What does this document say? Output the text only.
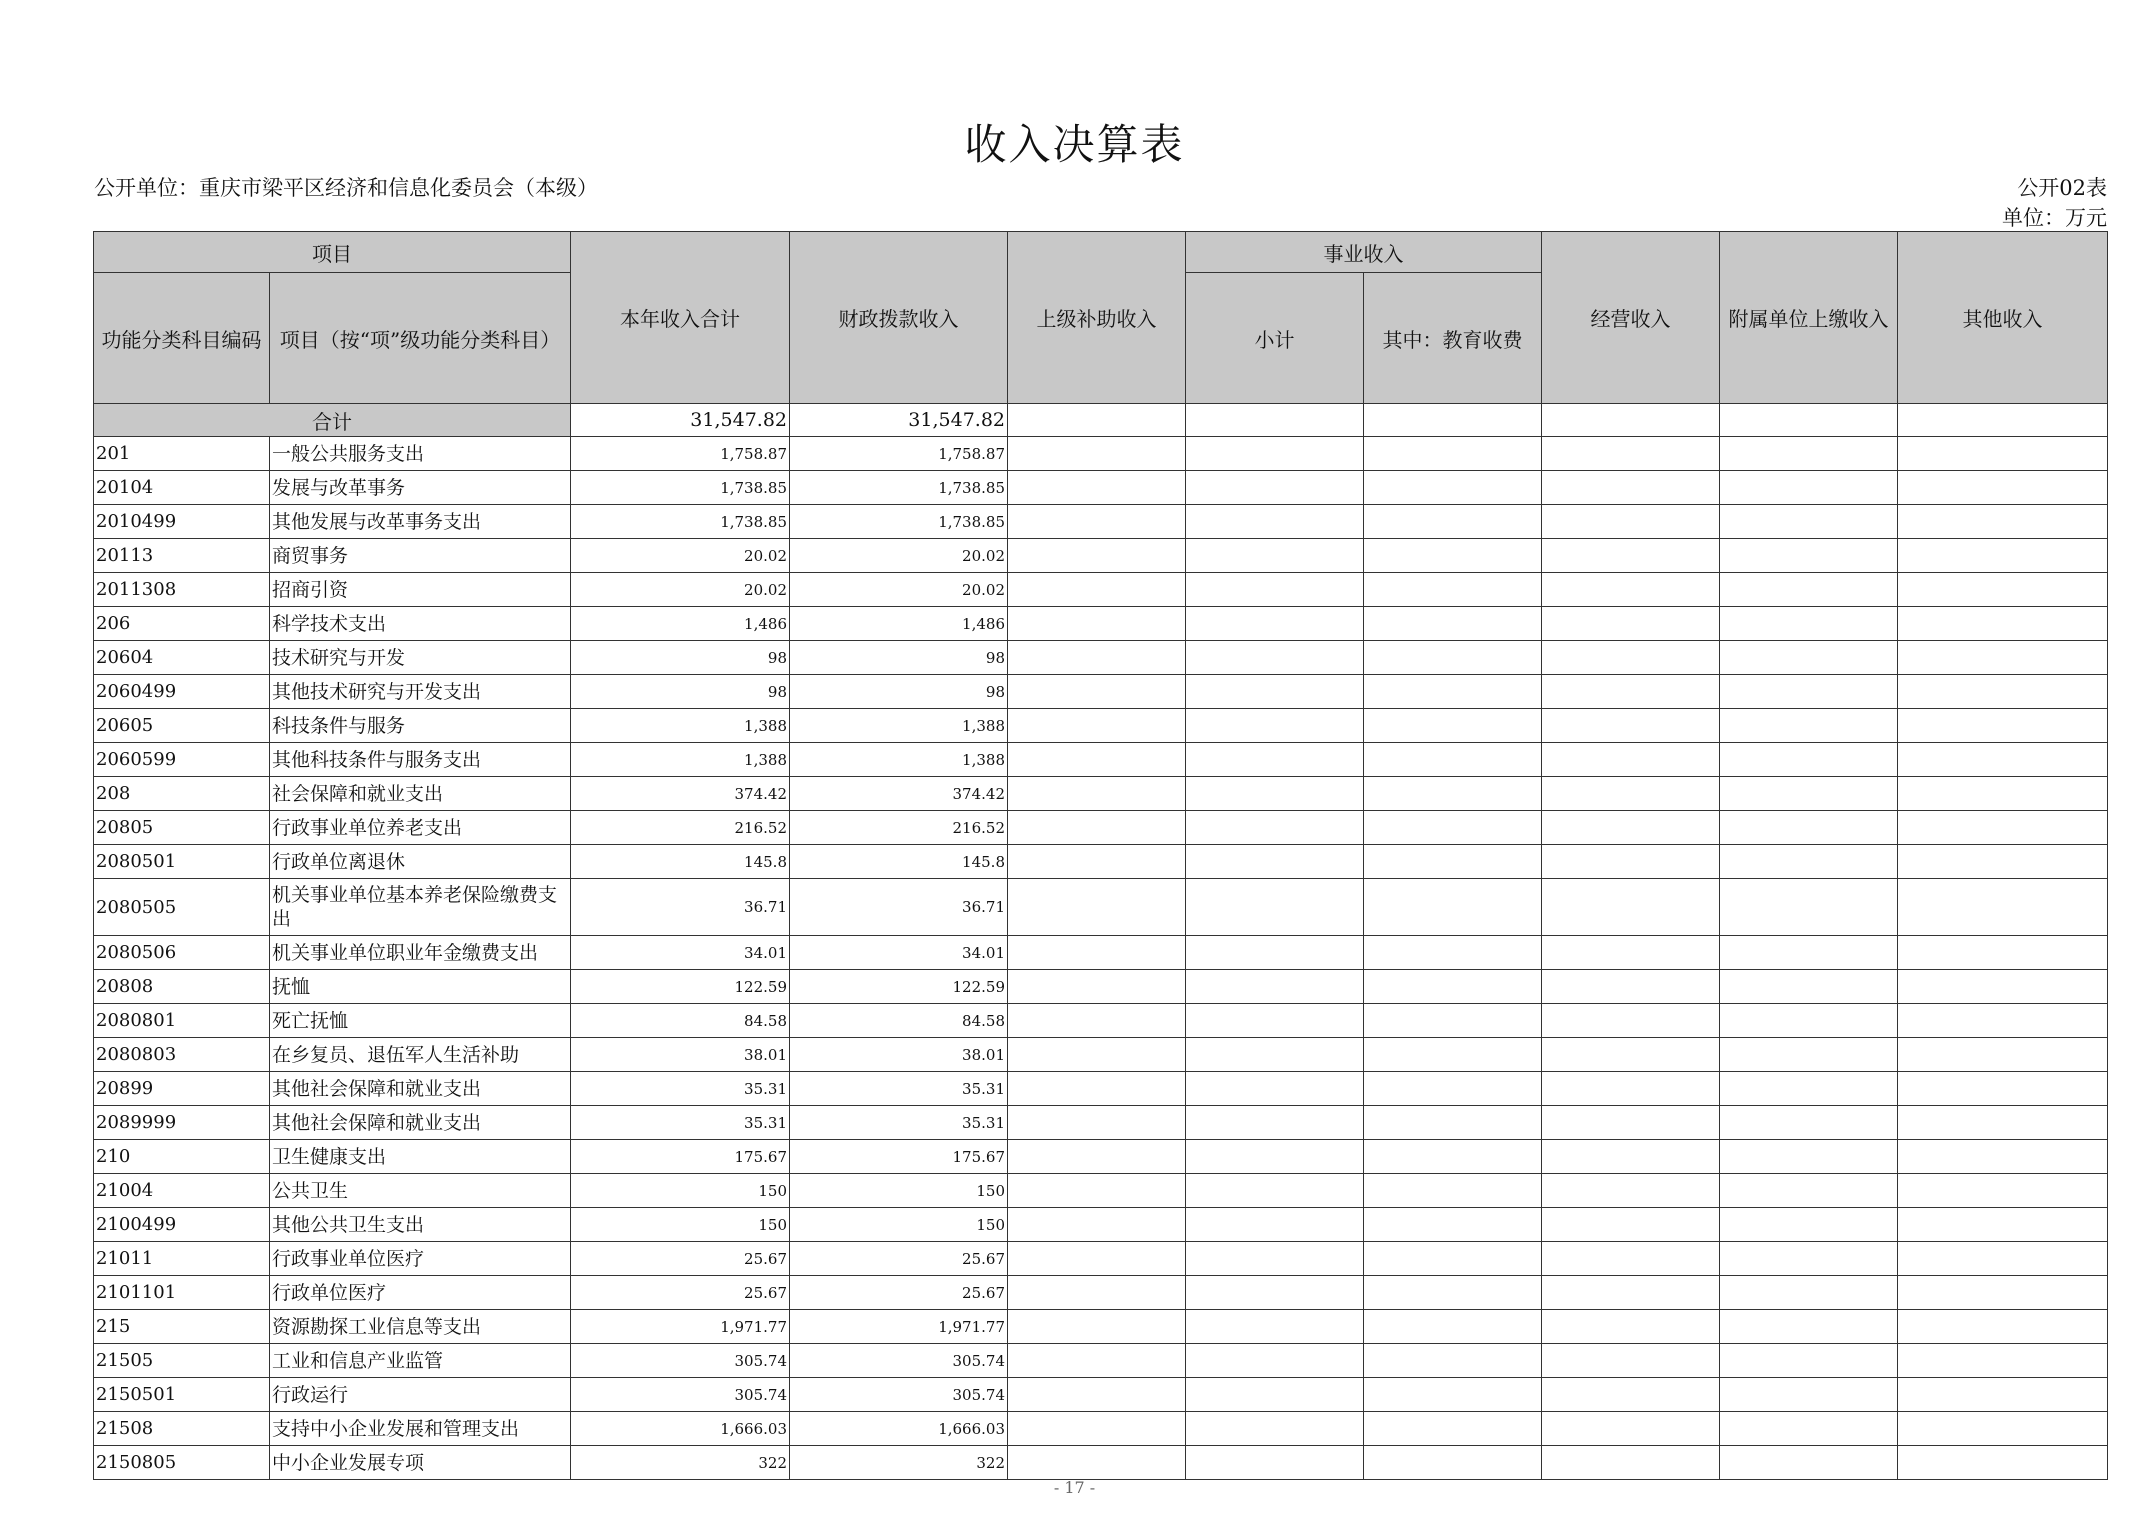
收入决算表
公开单位：重庆市梁平区经济和信息化委员会（本级）	公开02表
单位：万元
项目		本年收入合计	财政拨款收入	上级补助收入	事业收入		经营收入	附属单位上缴收入	其他收入
功能分类科目编码	项目（按“项”级功能分类科目）				小计	其中：教育收费			
合计		31,547.82	31,547.82						
201	一般公共服务支出	1,758.87	1,758.87						
20104	发展与改革事务	1,738.85	1,738.85						
2010499	其他发展与改革事务支出	1,738.85	1,738.85						
20113	商贸事务	20.02	20.02						
2011308	招商引资	20.02	20.02						
206	科学技术支出	1,486	1,486						
20604	技术研究与开发	98	98						
2060499	其他技术研究与开发支出	98	98						
20605	科技条件与服务	1,388	1,388						
2060599	其他科技条件与服务支出	1,388	1,388						
208	社会保障和就业支出	374.42	374.42						
20805	行政事业单位养老支出	216.52	216.52						
2080501	行政单位离退休	145.8	145.8						
2080505	机关事业单位基本养老保险缴费支出	36.71	36.71						
2080506	机关事业单位职业年金缴费支出	34.01	34.01						
20808	抚恤	122.59	122.59						
2080801	死亡抚恤	84.58	84.58						
2080803	在乡复员、退伍军人生活补助	38.01	38.01						
20899	其他社会保障和就业支出	35.31	35.31						
2089999	其他社会保障和就业支出	35.31	35.31						
210	卫生健康支出	175.67	175.67						
21004	公共卫生	150	150						
2100499	其他公共卫生支出	150	150						
21011	行政事业单位医疗	25.67	25.67						
2101101	行政单位医疗	25.67	25.67						
215	资源勘探工业信息等支出	1,971.77	1,971.77						
21505	工业和信息产业监管	305.74	305.74						
2150501	行政运行	305.74	305.74						
21508	支持中小企业发展和管理支出	1,666.03	1,666.03						
2150805	中小企业发展专项	322	322						
- 17 -
